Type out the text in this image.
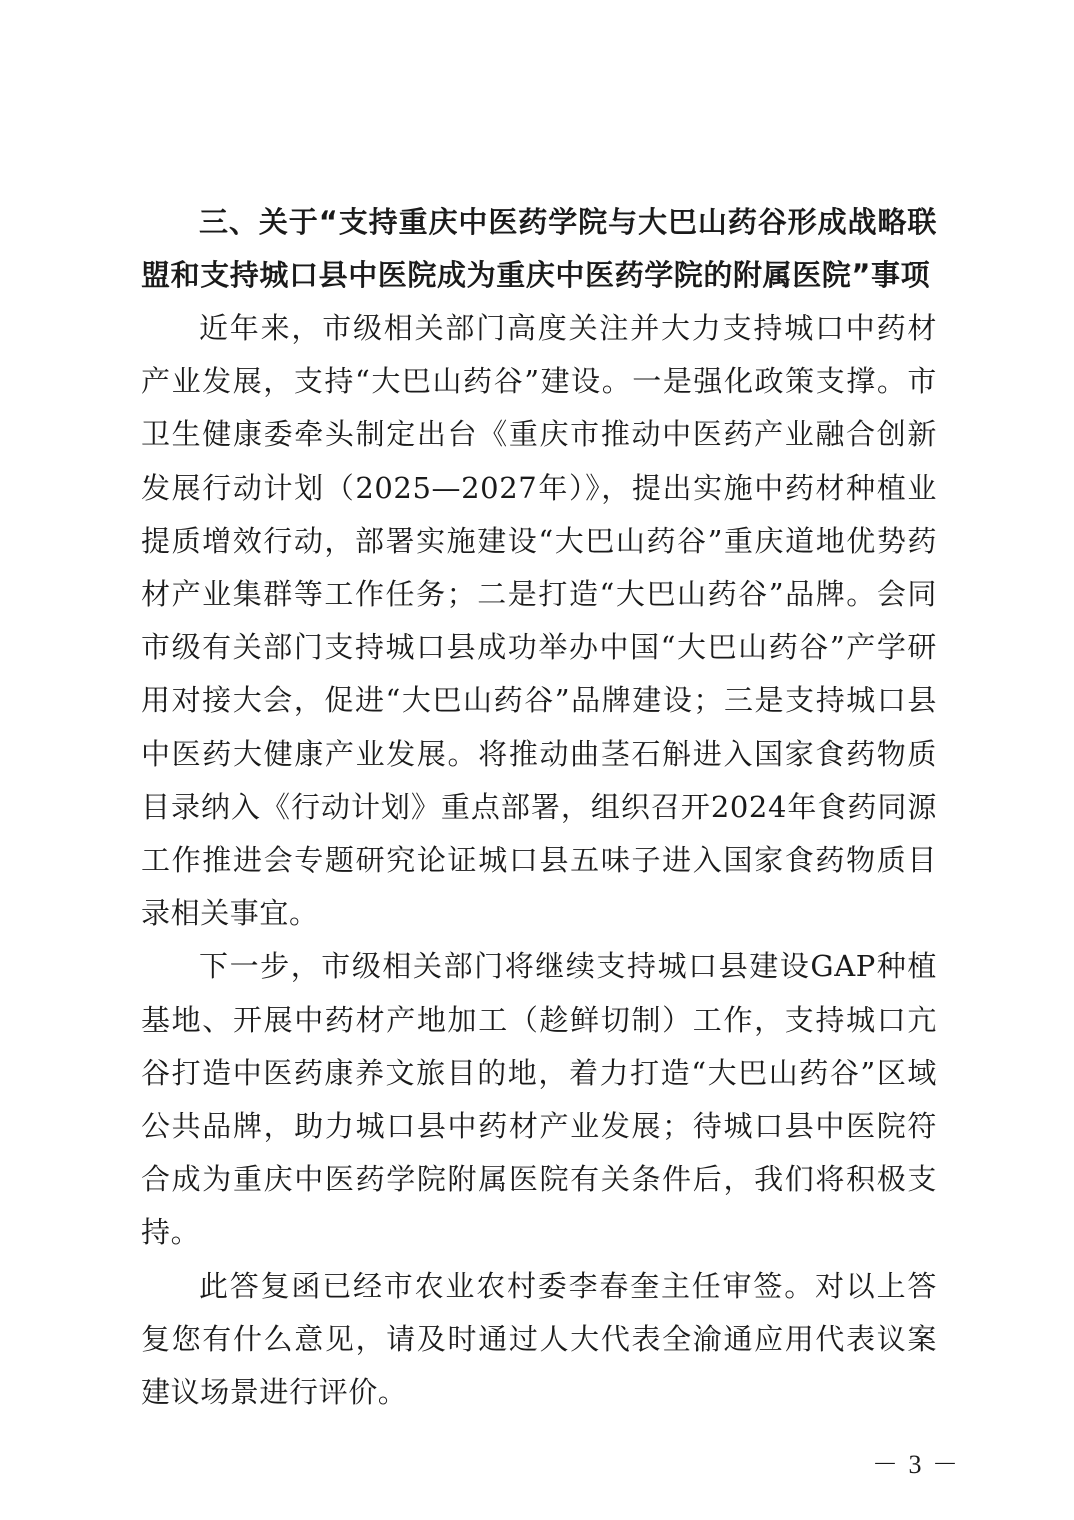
三、关于“支持重庆中医药学院与大巴山药谷形成战略联盟和支持城口县中医院成为重庆中医药学院的附属医院”事项

近年来，市级相关部门高度关注并大力支持城口中药材产业发展，支持“大巴山药谷”建设。一是强化政策支撑。市卫生健康委牵头制定出台《重庆市推动中医药产业融合创新发展行动计划（2025—2027年）》，提出实施中药材种植业提质增效行动，部署实施建设“大巴山药谷”重庆道地优势药材产业集群等工作任务；二是打造“大巴山药谷”品牌。会同市级有关部门支持城口县成功举办中国“大巴山药谷”产学研用对接大会，促进“大巴山药谷”品牌建设；三是支持城口县中医药大健康产业发展。将推动曲茎石斛进入国家食药物质目录纳入《行动计划》重点部署，组织召开2024年食药同源工作推进会专题研究论证城口县五味子进入国家食药物质目录相关事宜。

下一步，市级相关部门将继续支持城口县建设GAP种植基地、开展中药材产地加工（趁鲜切制）工作，支持城口亢谷打造中医药康养文旅目的地，着力打造“大巴山药谷”区域公共品牌，助力城口县中药材产业发展；待城口县中医院符合成为重庆中医药学院附属医院有关条件后，我们将积极支持。

此答复函已经市农业农村委李春奎主任审签。对以上答复您有什么意见，请及时通过人大代表全渝通应用代表议案建议场景进行评价。

－ 3 －
